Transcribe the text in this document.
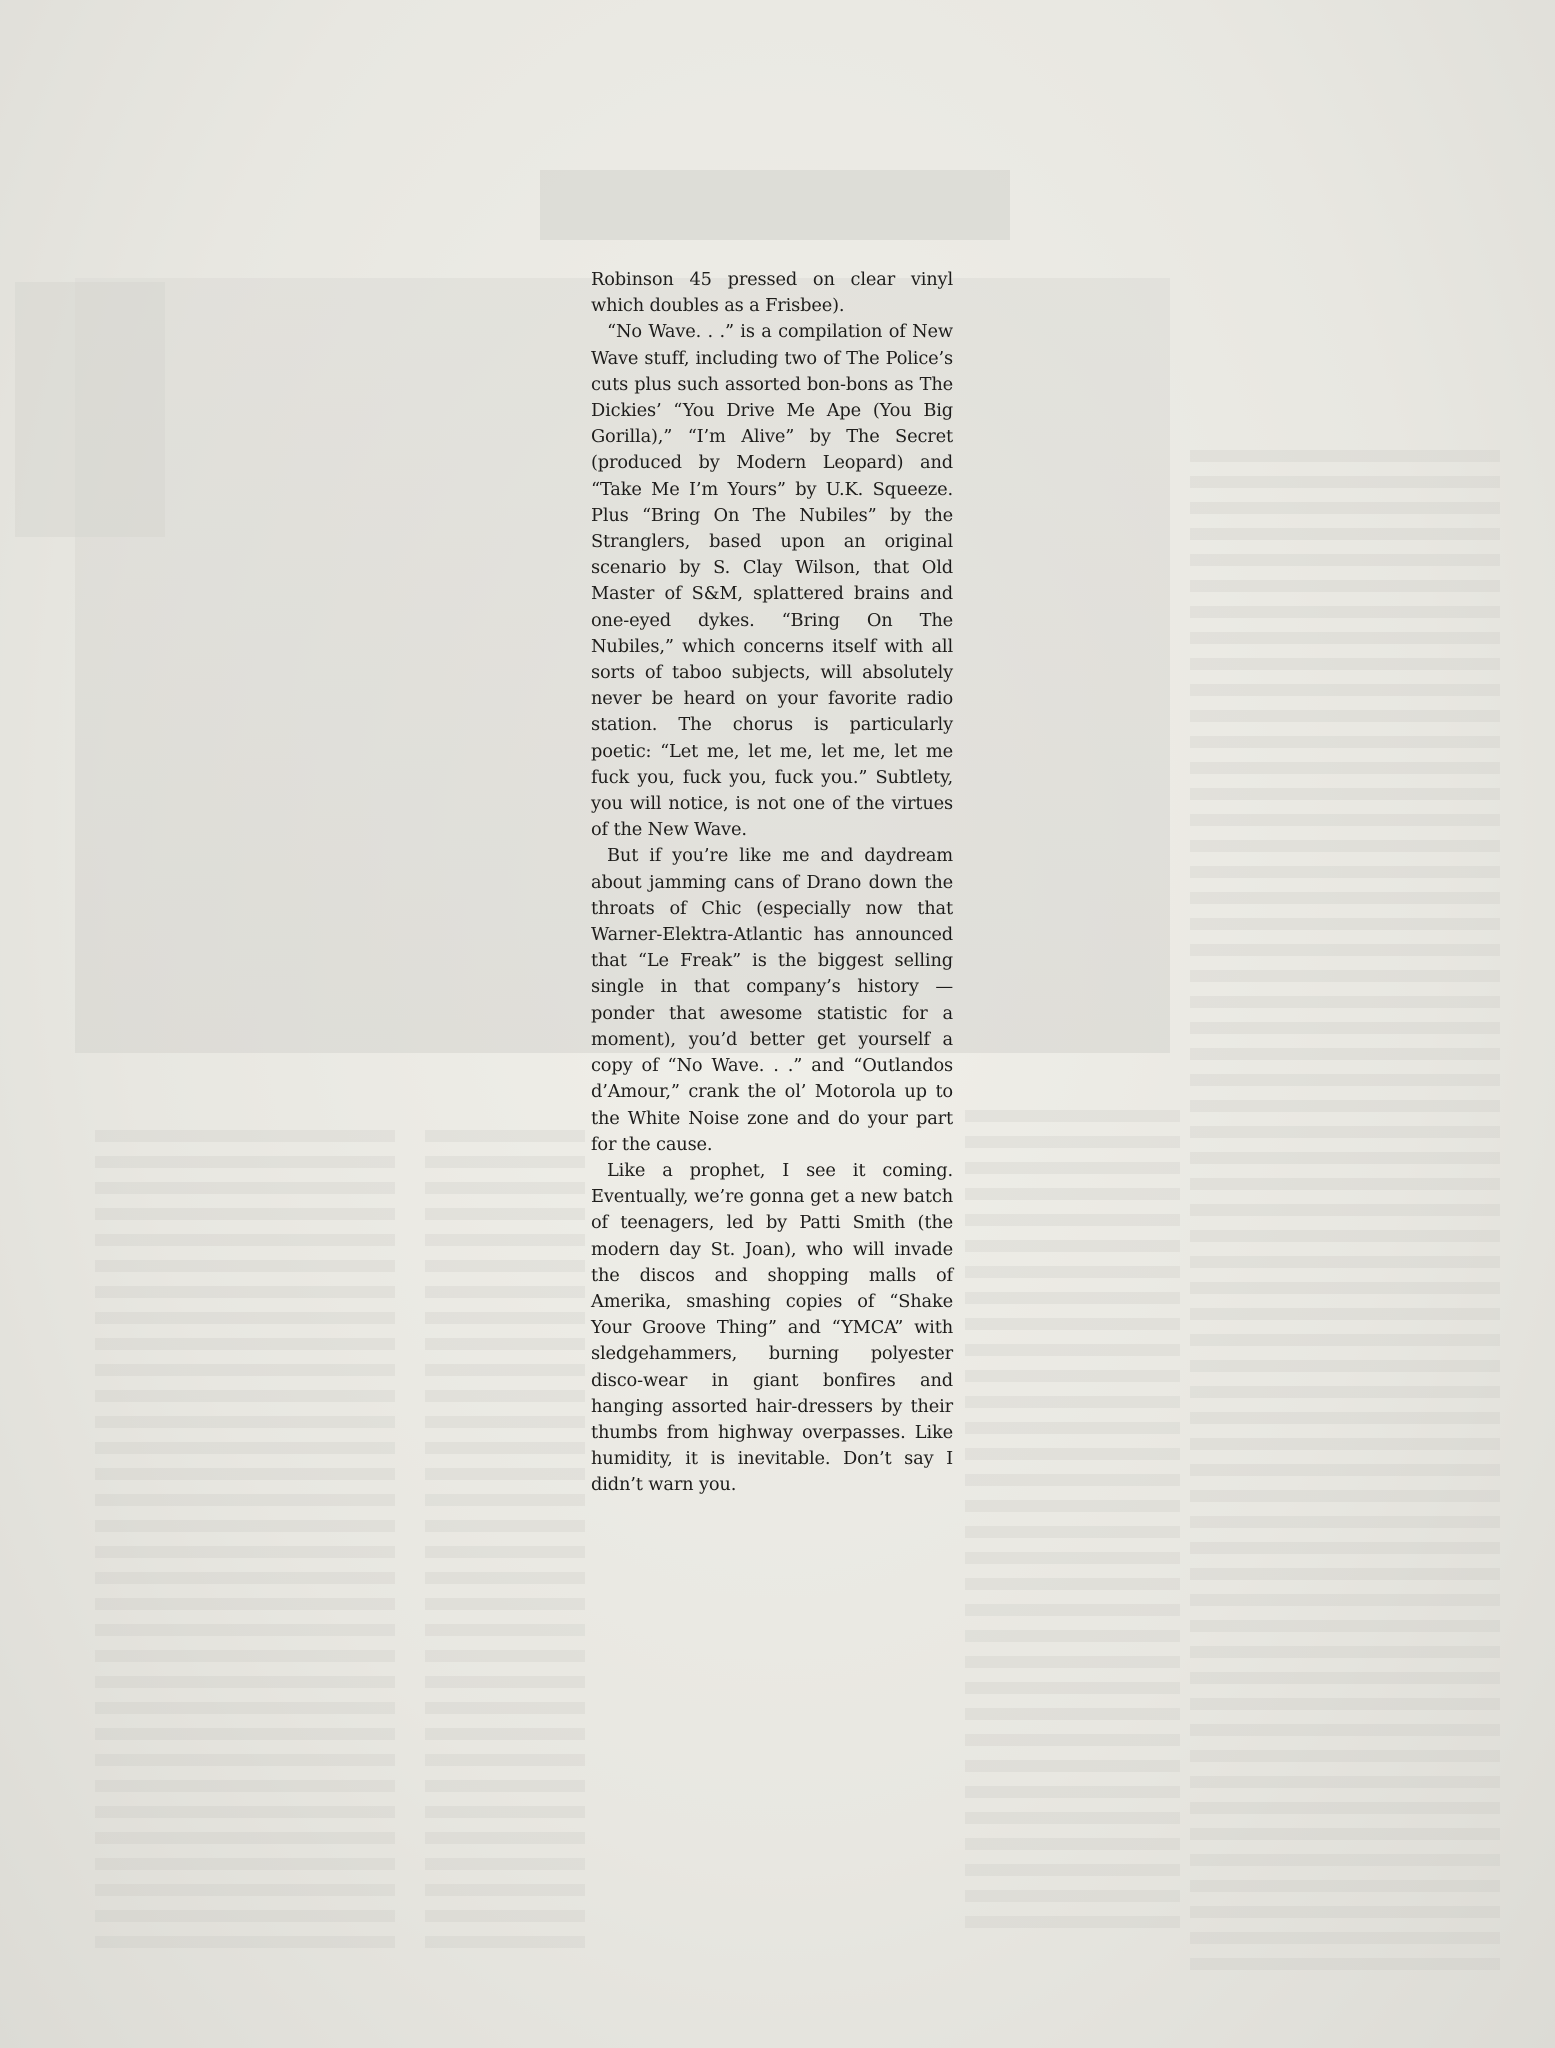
Robinson 45 pressed on clear vinyl which doubles as a Frisbee).

“No Wave. . .” is a compilation of New Wave stuff, including two of The Police’s cuts plus such assorted bon-bons as The Dickies’ “You Drive Me Ape (You Big Gorilla),” “I’m Alive” by The Secret (produced by Modern Leopard) and “Take Me I’m Yours” by U.K. Squeeze. Plus “Bring On The Nubiles” by the Stranglers, based upon an original scenario by S. Clay Wilson, that Old Master of S&M, splattered brains and one-eyed dykes. “Bring On The Nubiles,” which concerns itself with all sorts of taboo subjects, will absolutely never be heard on your favorite radio station. The chorus is particularly poetic: “Let me, let me, let me, let me fuck you, fuck you, fuck you.” Subtlety, you will notice, is not one of the virtues of the New Wave.

But if you’re like me and daydream about jamming cans of Drano down the throats of Chic (especially now that Warner-Elektra-Atlantic has announced that “Le Freak” is the biggest selling single in that company’s history — ponder that awesome statistic for a moment), you’d better get yourself a copy of “No Wave. . .” and “Outlandos d’Amour,” crank the ol’ Motorola up to the White Noise zone and do your part for the cause.

Like a prophet, I see it coming. Eventually, we’re gonna get a new batch of teenagers, led by Patti Smith (the modern day St. Joan), who will invade the discos and shopping malls of Amerika, smashing copies of “Shake Your Groove Thing” and “YMCA” with sledgehammers, burning polyester disco-wear in giant bonfires and hanging assorted hair-dressers by their thumbs from highway overpasses. Like humidity, it is inevitable. Don’t say I didn’t warn you.
